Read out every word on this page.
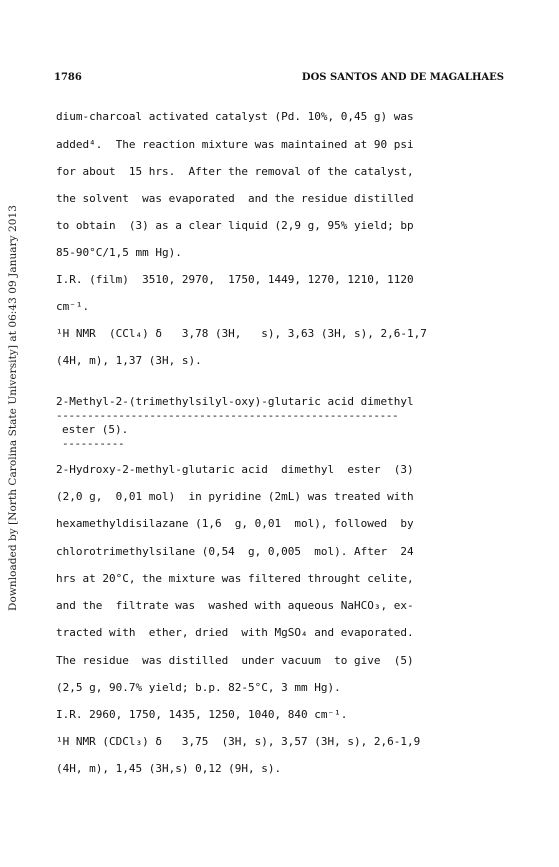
Downloaded by [North Carolina State University] at 06:43 09 January 2013
1786	DOS SANTOS AND DE MAGALHAES
dium-charcoal activated catalyst (Pd. 10%, 0,45 g) was
added⁴.  The reaction mixture was maintained at 90 psi
for about  15 hrs.  After the removal of the catalyst,
the solvent  was evaporated  and the residue distilled
to obtain  (3) as a clear liquid (2,9 g, 95% yield; bp
85-90°C/1,5 mm Hg).
I.R. (film)  3510, 2970,  1750, 1449, 1270, 1210, 1120
cm⁻¹.
¹H NMR  (CCl₄) δ   3,78 (3H,   s), 3,63 (3H, s), 2,6-1,7
(4H, m), 1,37 (3H, s).
2-Methyl-2-(trimethylsilyl-oxy)-glutaric acid dimethyl
-------------------------------------------------------
ester (5).
----------
2-Hydroxy-2-methyl-glutaric acid  dimethyl  ester  (3)
(2,0 g,  0,01 mol)  in pyridine (2mL) was treated with
hexamethyldisilazane (1,6  g, 0,01  mol), followed  by
chlorotrimethylsilane (0,54  g, 0,005  mol). After  24
hrs at 20°C, the mixture was filtered throught celite,
and the  filtrate was  washed with aqueous NaHCO₃, ex-
tracted with  ether, dried  with MgSO₄ and evaporated.
The residue  was distilled  under vacuum  to give  (5)
(2,5 g, 90.7% yield; b.p. 82-5°C, 3 mm Hg).
I.R. 2960, 1750, 1435, 1250, 1040, 840 cm⁻¹.
¹H NMR (CDCl₃) δ   3,75  (3H, s), 3,57 (3H, s), 2,6-1,9
(4H, m), 1,45 (3H,s) 0,12 (9H, s).
